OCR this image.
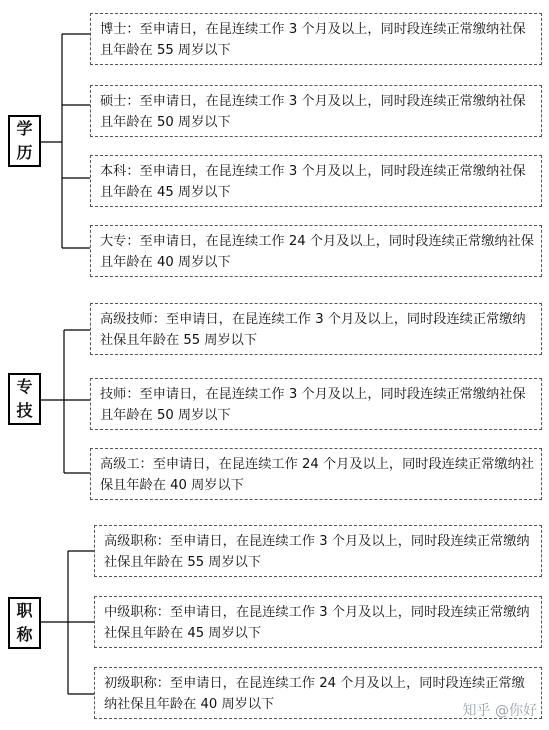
学
历
博士：至申请日，在昆连续工作 3 个月及以上，同时段连续正常缴纳社保且年龄在 55 周岁以下
硕士：至申请日，在昆连续工作 3 个月及以上，同时段连续正常缴纳社保且年龄在 50 周岁以下
本科：至申请日，在昆连续工作 3 个月及以上，同时段连续正常缴纳社保且年龄在 45 周岁以下
大专：至申请日，在昆连续工作 24 个月及以上，同时段连续正常缴纳社保且年龄在 40 周岁以下
专
技
高级技师：至申请日，在昆连续工作 3 个月及以上，同时段连续正常缴纳社保且年龄在 55 周岁以下
技师：至申请日，在昆连续工作 3 个月及以上，同时段连续正常缴纳社保且年龄在 50 周岁以下
高级工：至申请日，在昆连续工作 24 个月及以上，同时段连续正常缴纳社保且年龄在 40 周岁以下
职
称
高级职称：至申请日，在昆连续工作 3 个月及以上，同时段连续正常缴纳社保且年龄在 55 周岁以下
中级职称：至申请日，在昆连续工作 3 个月及以上，同时段连续正常缴纳社保且年龄在 45 周岁以下
初级职称：至申请日，在昆连续工作 24 个月及以上，同时段连续正常缴纳社保且年龄在 40 周岁以下	知乎 @你好
